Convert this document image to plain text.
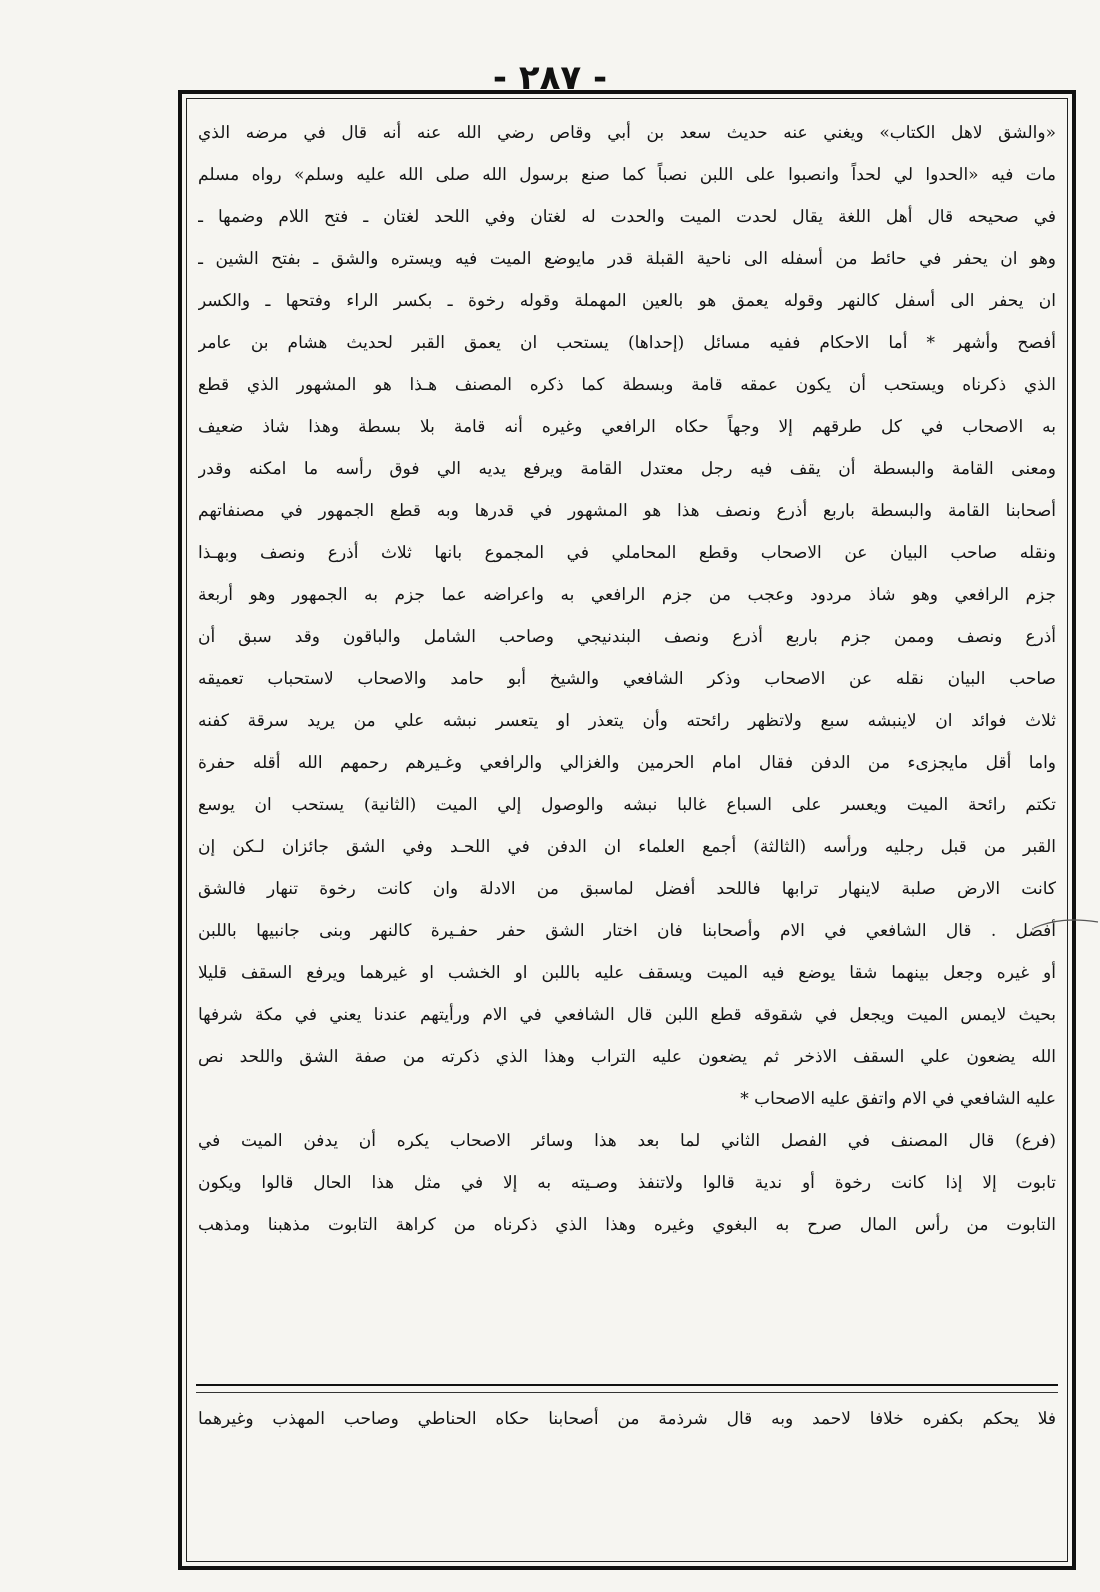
- ٢٨٧ -
«والشق لاهل الكتاب» ويغني عنه حديث سعد بن أبي وقاص رضي الله عنه أنه قال في مرضه الذي
مات فيه «الحدوا لي لحداً وانصبوا على اللبن نصباً كما صنع برسول الله صلى الله عليه وسلم» رواه مسلم
في صحيحه قال أهل اللغة يقال لحدت الميت والحدت له لغتان وفي اللحد لغتان ـ فتح اللام وضمها ـ
وهو ان يحفر في حائط من أسفله الى ناحية القبلة قدر مايوضع الميت فيه ويستره والشق ـ بفتح الشين ـ
ان يحفر الى أسفل كالنهر وقوله يعمق هو بالعين المهملة وقوله رخوة ـ بكسر الراء وفتحها ـ والكسر
أفصح وأشهر * أما الاحكام ففيه مسائل (إحداها) يستحب ان يعمق القبر لحديث هشام بن عامر
الذي ذكرناه ويستحب أن يكون عمقه قامة وبسطة كما ذكره المصنف هـذا هو المشهور الذي قطع
به الاصحاب في كل طرقهم إلا وجهاً حكاه الرافعي وغيره أنه قامة بلا بسطة وهذا شاذ ضعيف
ومعنى القامة والبسطة أن يقف فيه رجل معتدل القامة ويرفع يديه الي فوق رأسه ما امكنه وقدر
أصحابنا القامة والبسطة باربع أذرع ونصف هذا هو المشهور في قدرها وبه قطع الجمهور في مصنفاتهم
ونقله صاحب البيان عن الاصحاب وقطع المحاملي في المجموع بانها ثلاث أذرع ونصف وبهـذا
جزم الرافعي وهو شاذ مردود وعجب من جزم الرافعي به واعراضه عما جزم به الجمهور وهو أربعة
أذرع ونصف وممن جزم باربع أذرع ونصف البندنيجي وصاحب الشامل والباقون وقد سبق أن
صاحب البيان نقله عن الاصحاب وذكر الشافعي والشيخ أبو حامد والاصحاب لاستحباب تعميقه
ثلاث فوائد ان لاينبشه سبع ولاتظهر رائحته وأن يتعذر او يتعسر نبشه علي من يريد سرقة كفنه
واما أقل مايجزىء من الدفن فقال امام الحرمين والغزالي والرافعي وغـيرهم رحمهم الله أقله حفرة
تكتم رائحة الميت ويعسر على السباع غالبا نبشه والوصول إلي الميت (الثانية) يستحب ان يوسع
القبر من قبل رجليه ورأسه (الثالثة) أجمع العلماء ان الدفن في اللحـد وفي الشق جائزان لـكن إن
كانت الارض صلبة لاينهار ترابها فاللحد أفضل لماسبق من الادلة وان كانت رخوة تنهار فالشق
أفضل . قال الشافعي في الام وأصحابنا فان اختار الشق حفر حفـيرة كالنهر وبنى جانبيها باللبن
أو غيره وجعل بينهما شقا يوضع فيه الميت ويسقف عليه باللبن او الخشب او غيرهما ويرفع السقف قليلا
بحيث لايمس الميت ويجعل في شقوقه قطع اللبن قال الشافعي في الام ورأيتهم عندنا يعني في مكة شرفها
الله يضعون علي السقف الاذخر ثم يضعون عليه التراب وهذا الذي ذكرته من صفة الشق واللحد نص
عليه الشافعي في الام واتفق عليه الاصحاب *
(فرع) قال المصنف في الفصل الثاني لما بعد هذا وسائر الاصحاب يكره أن يدفن الميت في
تابوت إلا إذا كانت رخوة أو ندية قالوا ولاتنفذ وصـيته به إلا في مثل هذا الحال قالوا ويكون
التابوت من رأس المال صرح به البغوي وغيره وهذا الذي ذكرناه من كراهة التابوت مذهبنا ومذهب
فلا يحكم بكفره خلافا لاحمد وبه قال شرذمة من أصحابنا حكاه الحناطي وصاحب المهذب وغيرهما
